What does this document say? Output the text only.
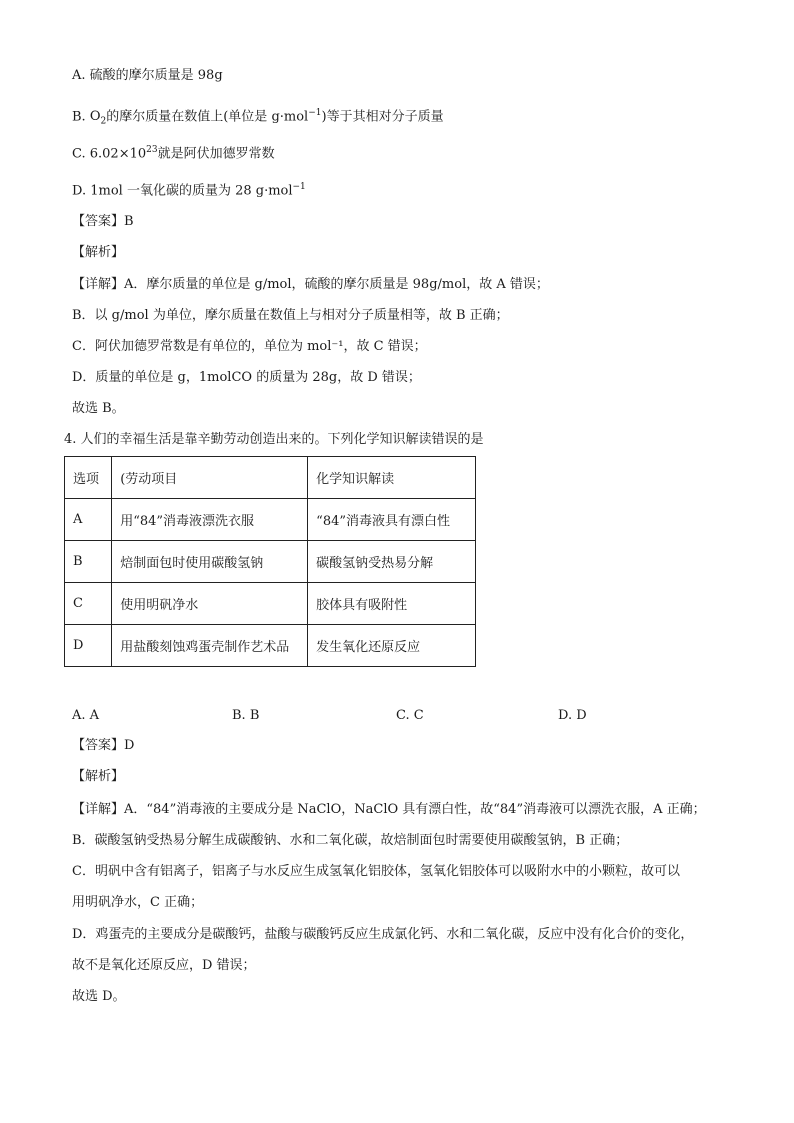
A. 硫酸的摩尔质量是 98g
B. $O_2$的摩尔质量在数值上(单位是 g·mol$^{-1}$)等于其相对分子质量
C. $6.02\times 10^{23}$就是阿伏加德罗常数
D. 1mol 一氧化碳的质量为 28 g·mol$^{-1}$
【答案】B
【解析】
【详解】A．摩尔质量的单位是 g/mol，硫酸的摩尔质量是 98g/mol，故 A 错误；
B．以 g/mol 为单位，摩尔质量在数值上与相对分子质量相等，故 B 正确；
C．阿伏加德罗常数是有单位的，单位为 mol⁻¹，故 C 错误；
D．质量的单位是 g，1molCO 的质量为 28g，故 D 错误；
故选 B。
4. 人们的幸福生活是靠辛勤劳动创造出来的。下列化学知识解读错误的是
选项	(劳动项目	化学知识解读
A	用“84”消毒液漂洗衣服	“84”消毒液具有漂白性
B	焙制面包时使用碳酸氢钠	碳酸氢钠受热易分解
C	使用明矾净水	胶体具有吸附性
D	用盐酸刻蚀鸡蛋壳制作艺术品	发生氧化还原反应
A. A	B. B	C. C	D. D
【答案】D
【解析】
【详解】A．“84”消毒液的主要成分是 NaClO，NaClO 具有漂白性，故“84”消毒液可以漂洗衣服，A 正确；
B．碳酸氢钠受热易分解生成碳酸钠、水和二氧化碳，故焙制面包时需要使用碳酸氢钠，B 正确；
C．明矾中含有铝离子，铝离子与水反应生成氢氧化铝胶体，氢氧化铝胶体可以吸附水中的小颗粒，故可以
用明矾净水，C 正确；
D．鸡蛋壳的主要成分是碳酸钙，盐酸与碳酸钙反应生成氯化钙、水和二氧化碳，反应中没有化合价的变化，
故不是氧化还原反应，D 错误；
故选 D。
